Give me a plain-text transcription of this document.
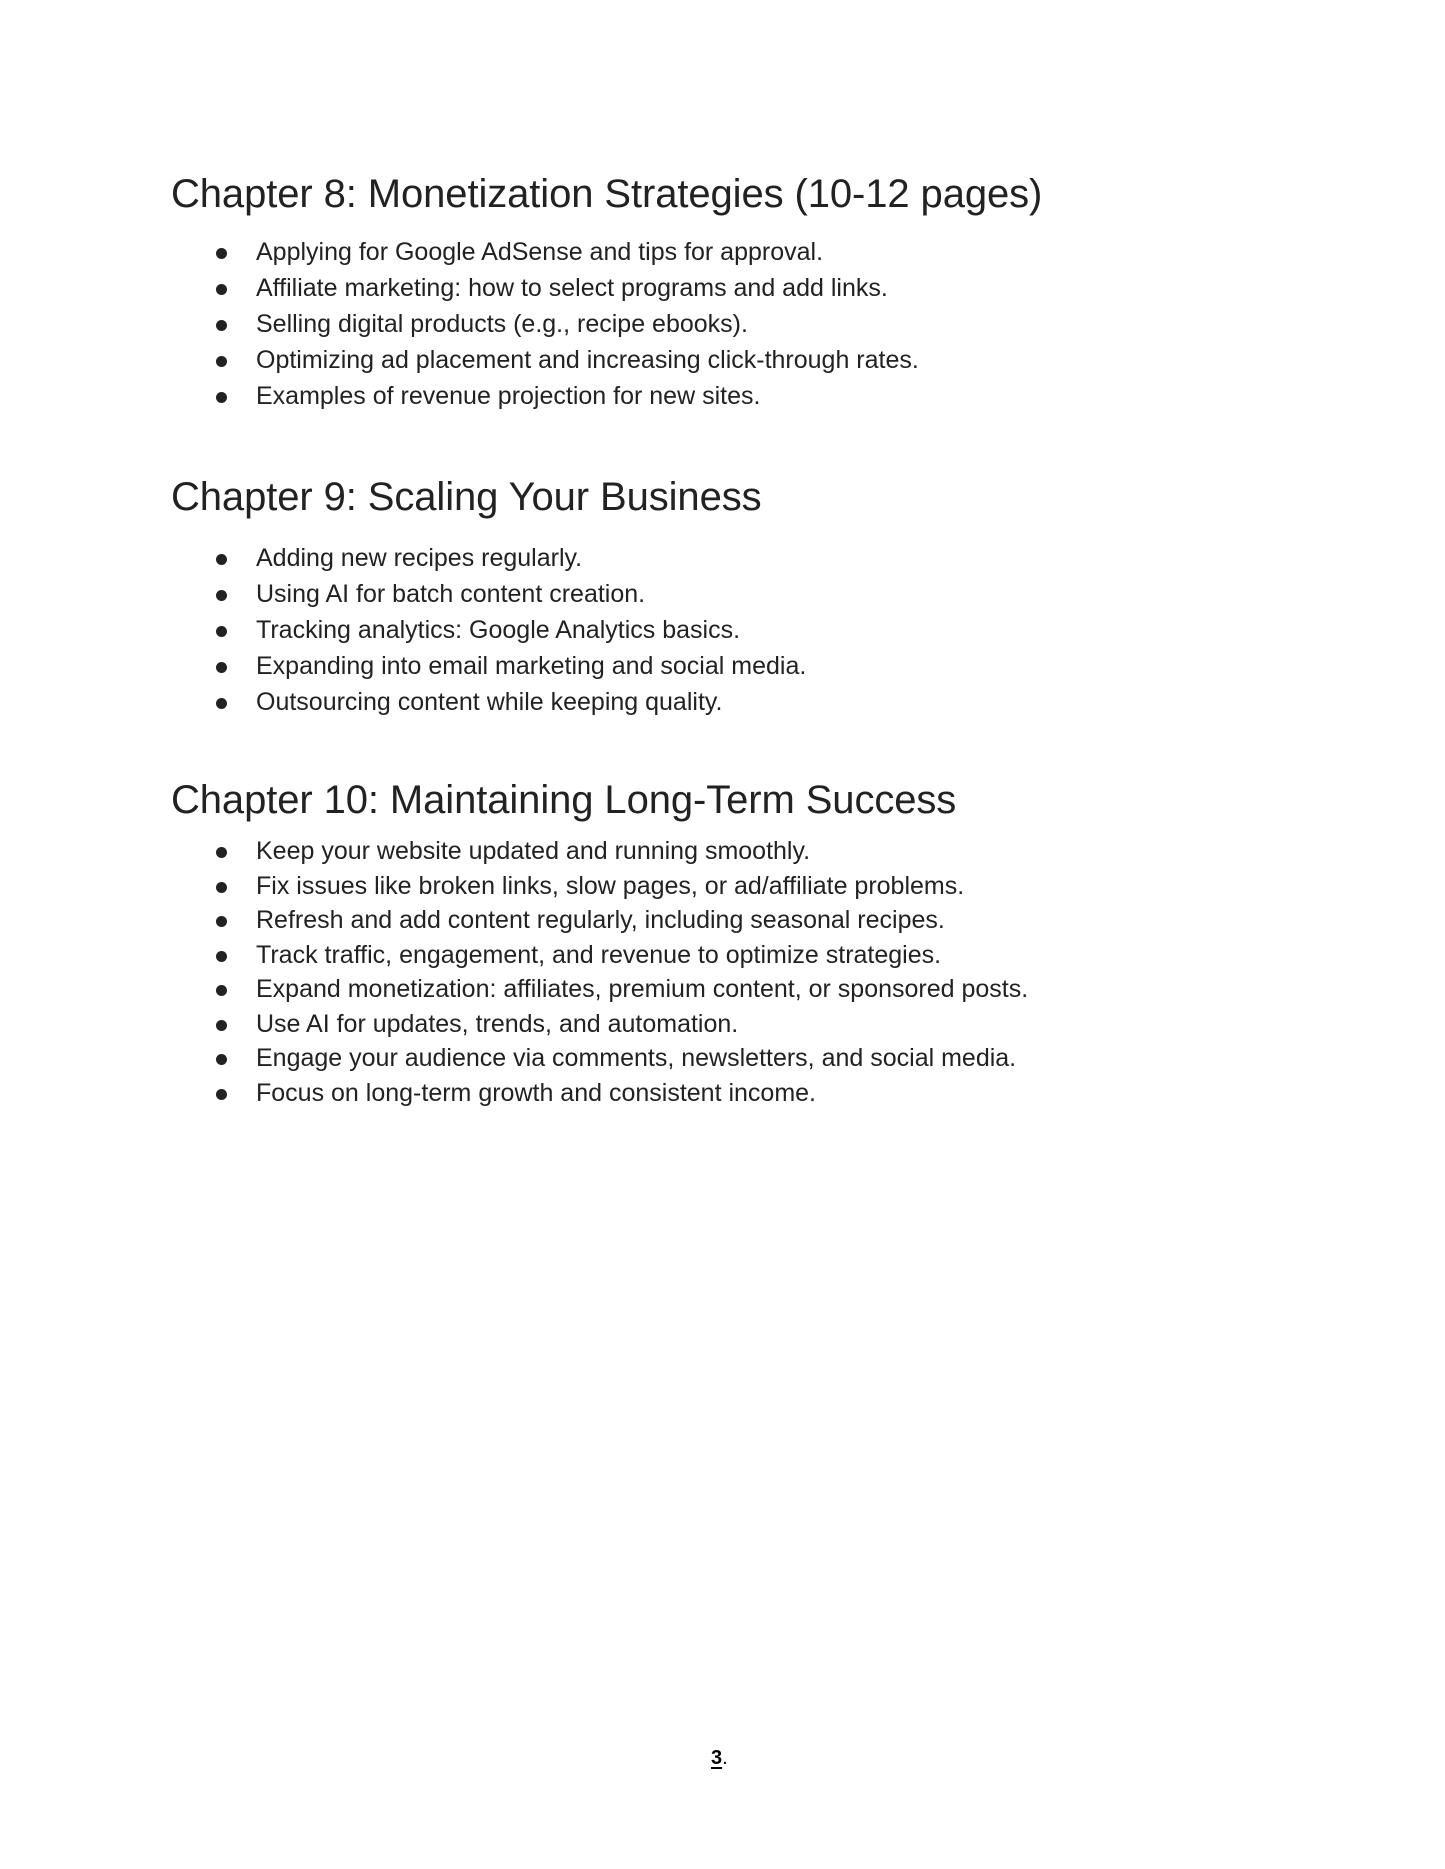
Chapter 8: Monetization Strategies (10-12 pages)
Applying for Google AdSense and tips for approval.
Affiliate marketing: how to select programs and add links.
Selling digital products (e.g., recipe ebooks).
Optimizing ad placement and increasing click-through rates.
Examples of revenue projection for new sites.
Chapter 9: Scaling Your Business
Adding new recipes regularly.
Using AI for batch content creation.
Tracking analytics: Google Analytics basics.
Expanding into email marketing and social media.
Outsourcing content while keeping quality.
Chapter 10: Maintaining Long-Term Success
Keep your website updated and running smoothly.
Fix issues like broken links, slow pages, or ad/affiliate problems.
Refresh and add content regularly, including seasonal recipes.
Track traffic, engagement, and revenue to optimize strategies.
Expand monetization: affiliates, premium content, or sponsored posts.
Use AI for updates, trends, and automation.
Engage your audience via comments, newsletters, and social media.
Focus on long-term growth and consistent income.
3.
